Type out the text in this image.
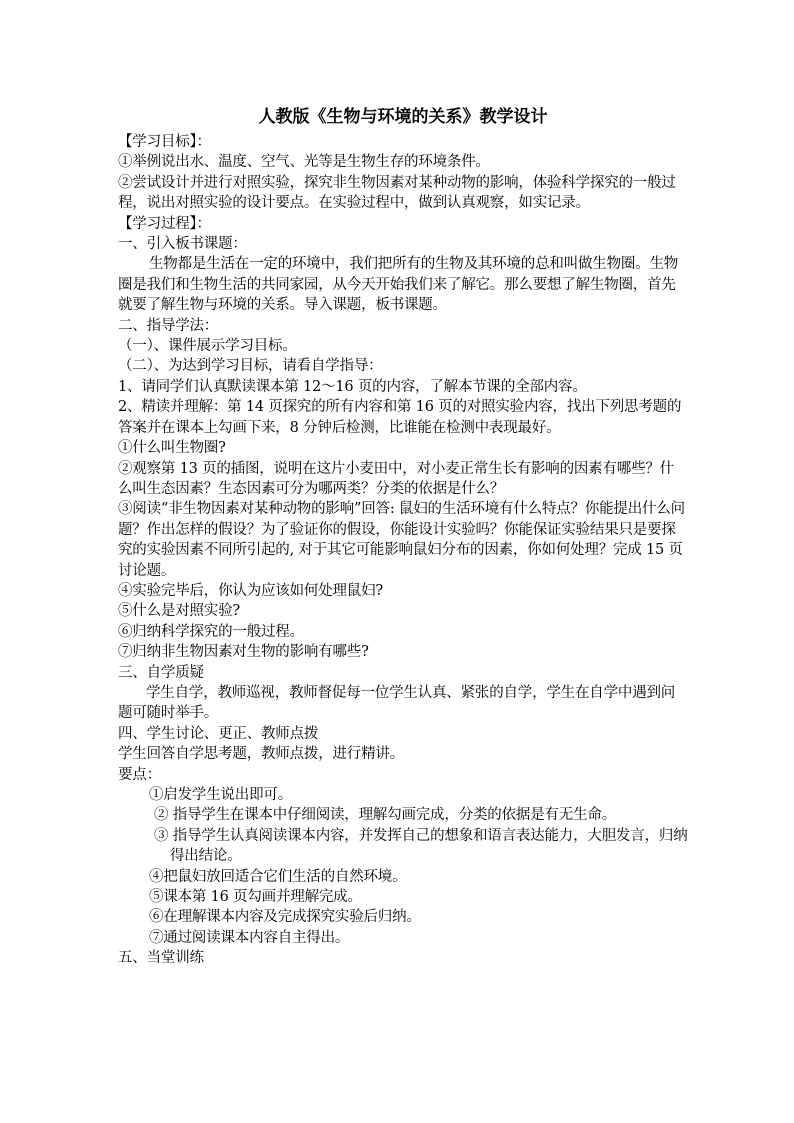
人教版《生物与环境的关系》教学设计

【学习目标】：

①举例说出水、温度、空气、光等是生物生存的环境条件。

②尝试设计并进行对照实验，探究非生物因素对某种动物的影响，体验科学探究的一般过程，说出对照实验的设计要点。在实验过程中，做到认真观察，如实记录。

【学习过程】：

一、引入板书课题：

生物都是生活在一定的环境中，我们把所有的生物及其环境的总和叫做生物圈。生物圈是我们和生物生活的共同家园，从今天开始我们来了解它。那么要想了解生物圈，首先就要了解生物与环境的关系。导入课题，板书课题。

二、指导学法：

（一）、课件展示学习目标。

（二）、为达到学习目标，请看自学指导：

1、请同学们认真默读课本第 12～16 页的内容，了解本节课的全部内容。

2、精读并理解：第 14 页探究的所有内容和第 16 页的对照实验内容，找出下列思考题的答案并在课本上勾画下来，8 分钟后检测，比谁能在检测中表现最好。

①什么叫生物圈?

②观察第 13 页的插图，说明在这片小麦田中，对小麦正常生长有影响的因素有哪些？什么叫生态因素？生态因素可分为哪两类？分类的依据是什么？

③阅读“非生物因素对某种动物的影响”回答: 鼠妇的生活环境有什么特点？你能提出什么问题？作出怎样的假设？为了验证你的假设，你能设计实验吗？你能保证实验结果只是要探究的实验因素不同所引起的, 对于其它可能影响鼠妇分布的因素，你如何处理？完成 15 页讨论题。

④实验完毕后，你认为应该如何处理鼠妇?

⑤什么是对照实验?

⑥归纳科学探究的一般过程。

⑦归纳非生物因素对生物的影响有哪些?

三、自学质疑

学生自学，教师巡视，教师督促每一位学生认真、紧张的自学，学生在自学中遇到问题可随时举手。

四、学生讨论、更正、教师点拨

学生回答自学思考题，教师点拨，进行精讲。

要点：

①启发学生说出即可。

② 指导学生在课本中仔细阅读，理解勾画完成，分类的依据是有无生命。

③ 指导学生认真阅读课本内容，并发挥自己的想象和语言表达能力，大胆发言，归纳得出结论。

④把鼠妇放回适合它们生活的自然环境。

⑤课本第 16 页勾画并理解完成。

⑥在理解课本内容及完成探究实验后归纳。

⑦通过阅读课本内容自主得出。

五、当堂训练
